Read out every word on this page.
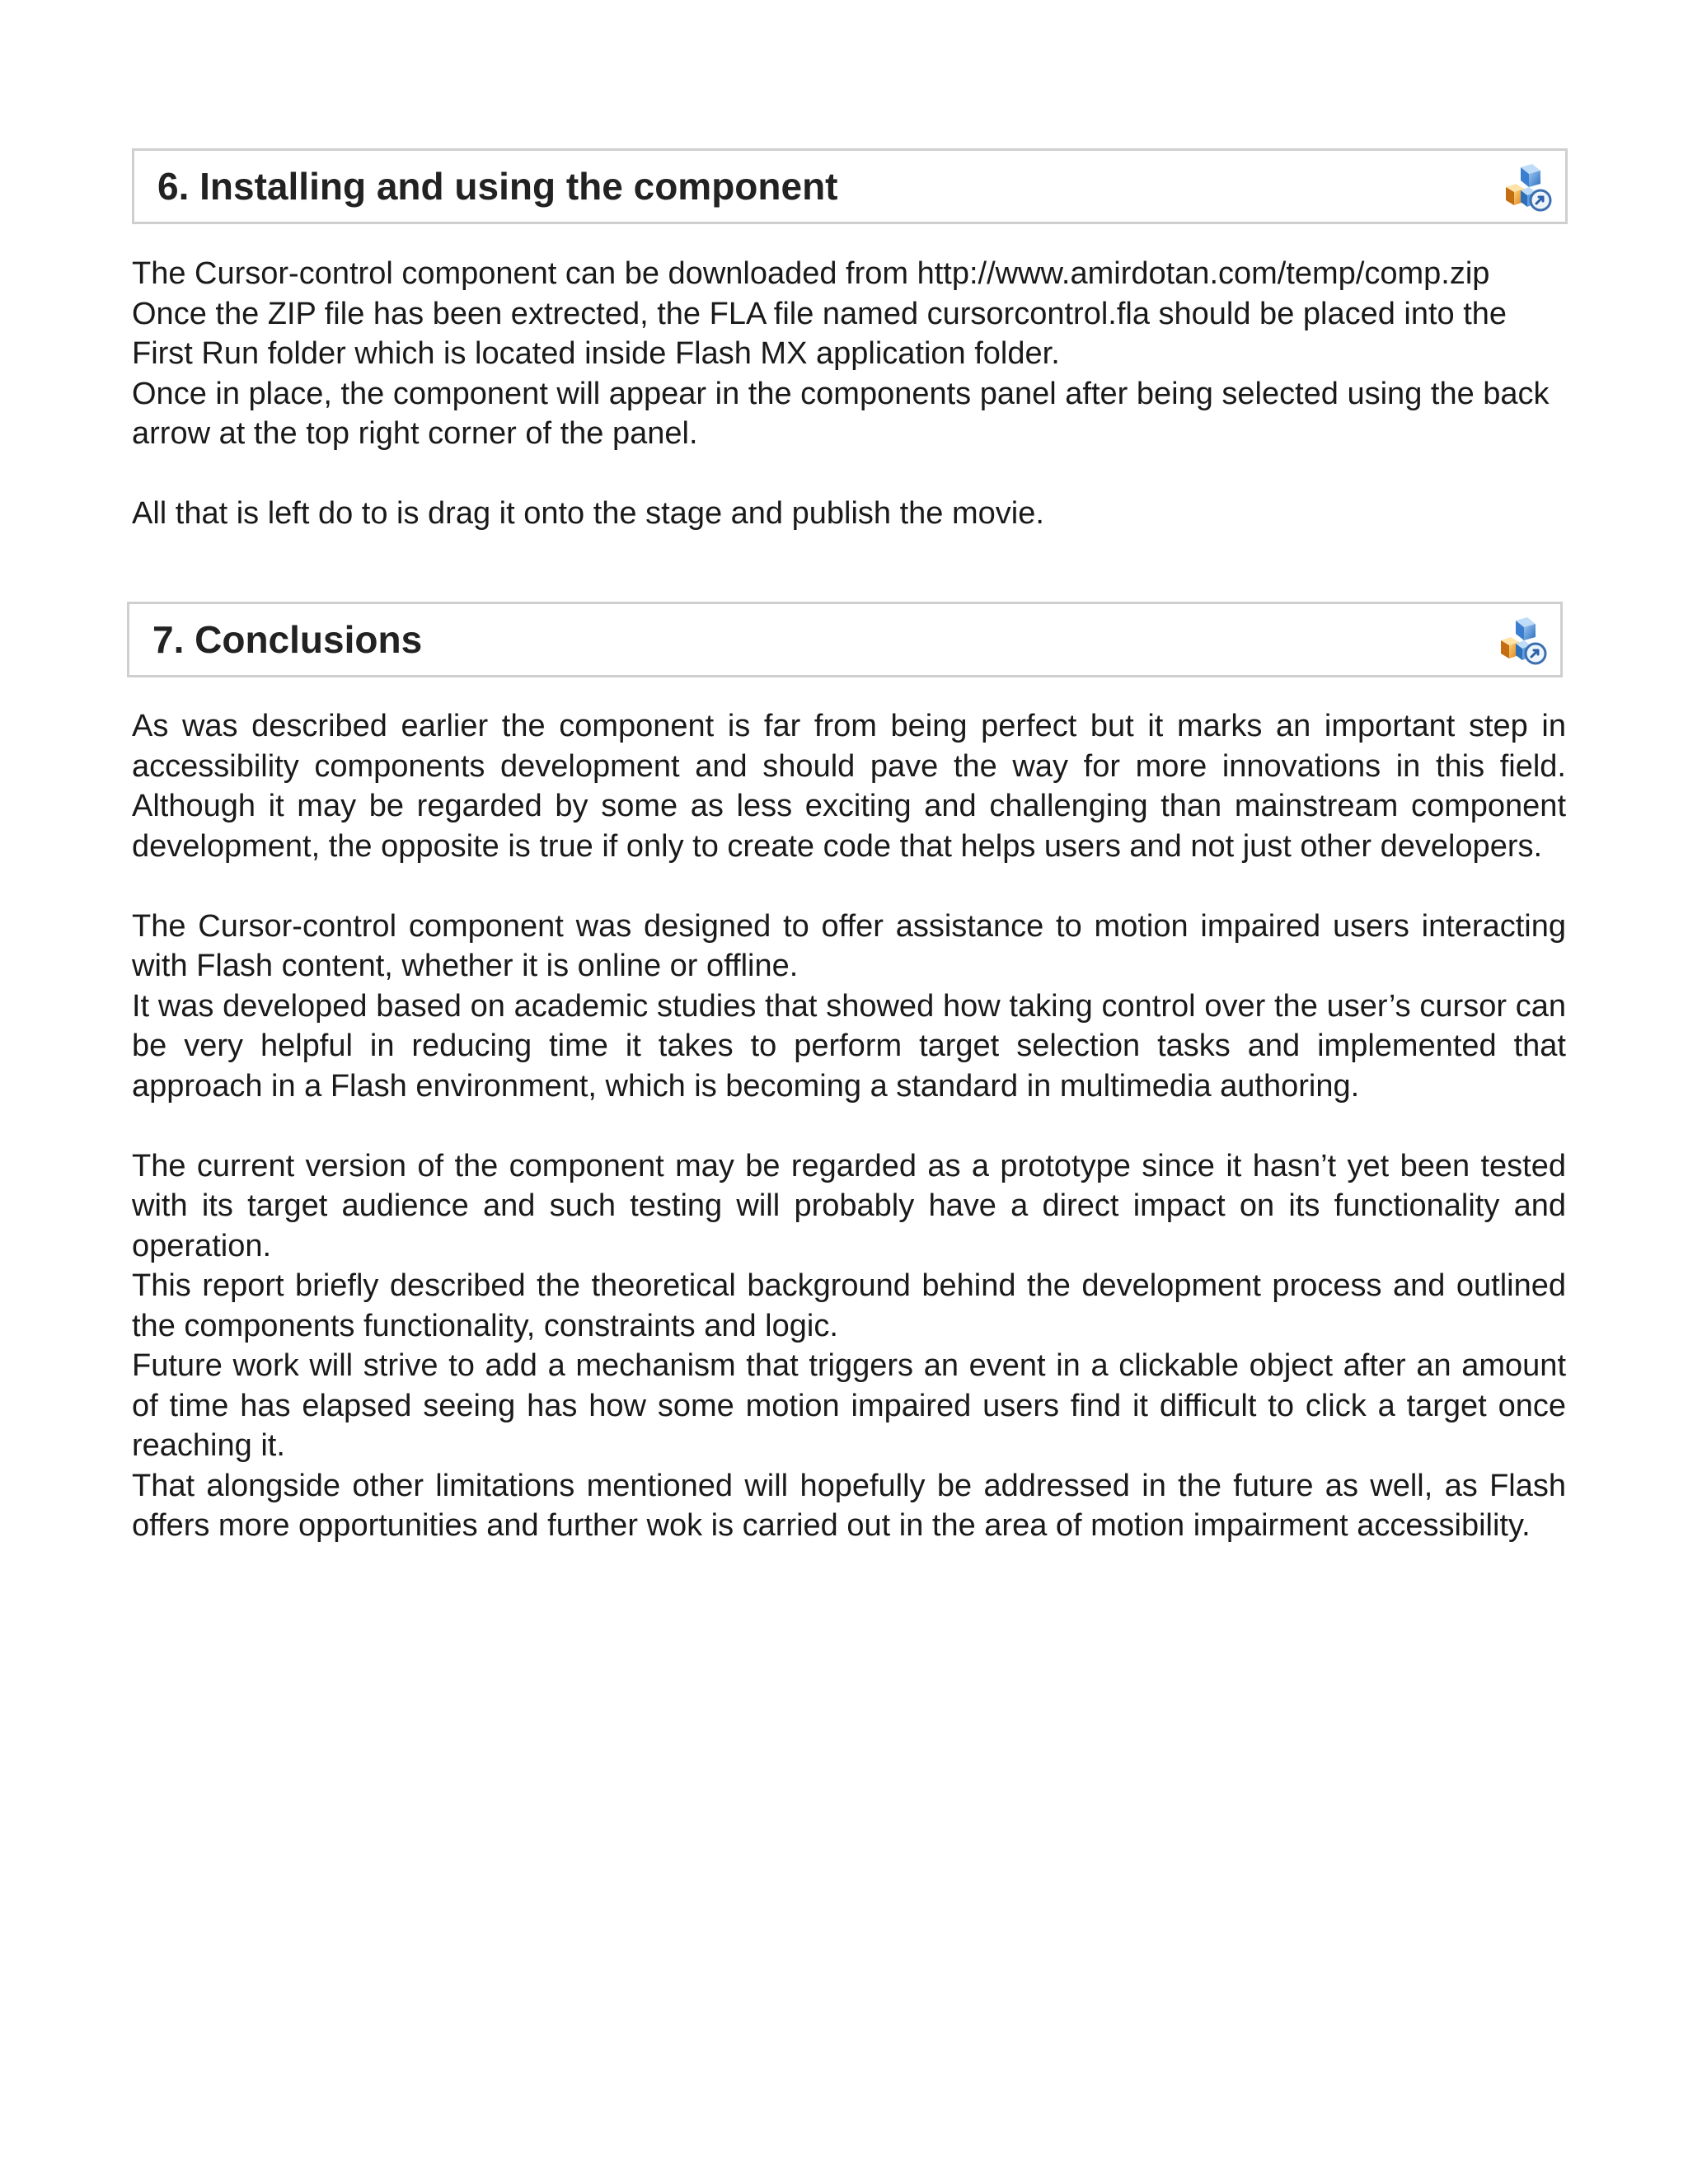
6. Installing and using the component

The Cursor-control component can be downloaded from http://www.amirdotan.com/temp/comp.zip

Once the ZIP file has been extrected, the FLA file named cursorcontrol.fla should be placed into the First Run folder which is located inside Flash MX application folder.

Once in place, the component will appear in the components panel after being selected using the back arrow at the top right corner of the panel.

All that is left do to is drag it onto the stage and publish the movie.

7. Conclusions

As was described earlier the component is far from being perfect but it marks an important step in accessibility components development and should pave the way for more innovations in this field. Although it may be regarded by some as less exciting and challenging than mainstream component development, the opposite is true if only to create code that helps users and not just other developers.

The Cursor-control component was designed to offer assistance to motion impaired users interacting with Flash content, whether it is online or offline.

It was developed based on academic studies that showed how taking control over the user’s cursor can be very helpful in reducing time it takes to perform target selection tasks and implemented that approach in a Flash environment, which is becoming a standard in multimedia authoring.

The current version of the component may be regarded as a prototype since it hasn’t yet been tested with its target audience and such testing will probably have a direct impact on its functionality and operation.

This report briefly described the theoretical background behind the development process and outlined the components functionality, constraints and logic.

Future work will strive to add a mechanism that triggers an event in a clickable object after an amount of time has elapsed seeing has how some motion impaired users find it difficult to click a target once reaching it.

That alongside other limitations mentioned will hopefully be addressed in the future as well, as Flash offers more opportunities and further wok is carried out in the area of motion impairment accessibility.
